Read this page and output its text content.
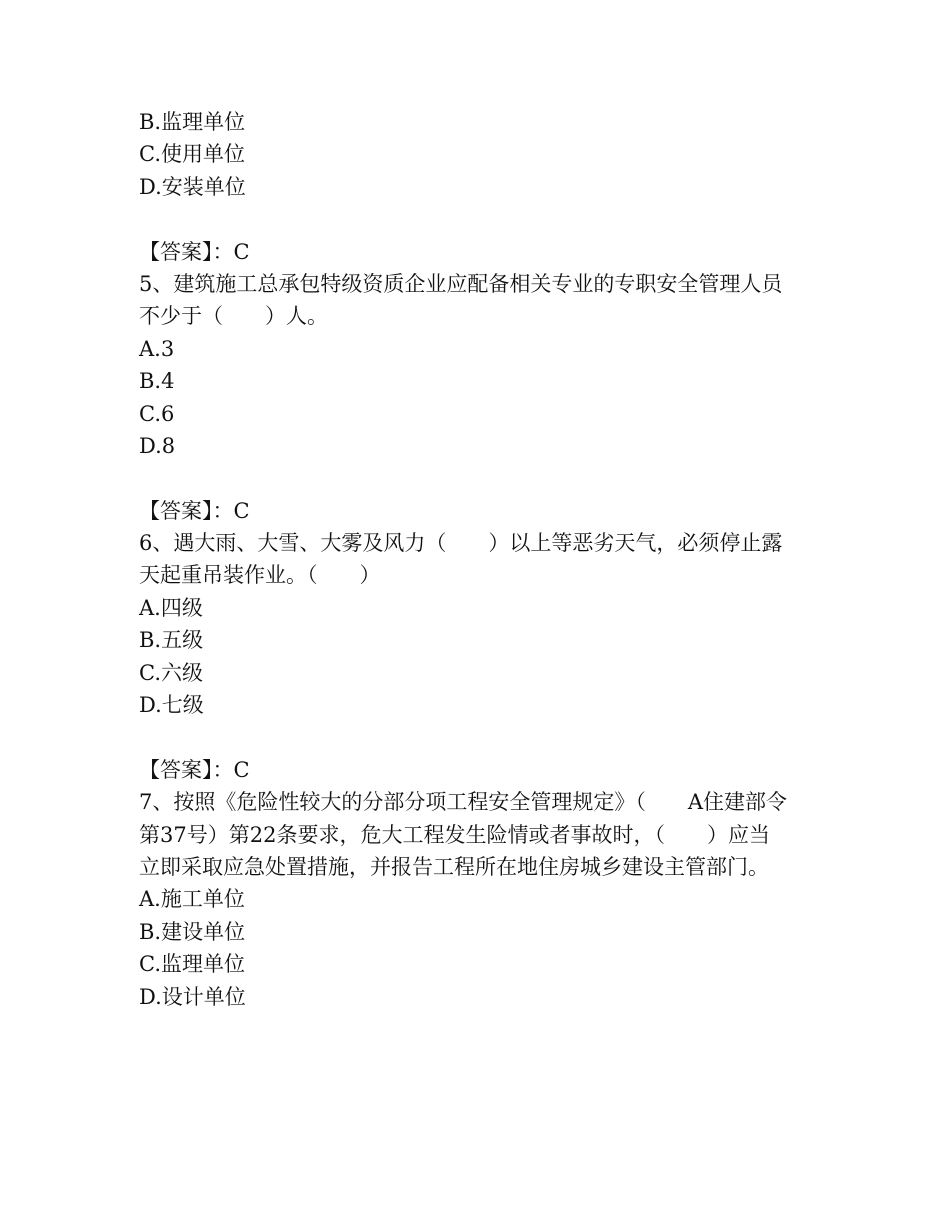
B.监理单位
C.使用单位
D.安装单位
【答案】：C
5、建筑施工总承包特级资质企业应配备相关专业的专职安全管理人员
不少于（　　）人。
A.3
B.4
C.6
D.8
【答案】：C
6、遇大雨、大雪、大雾及风力（　　）以上等恶劣天气，必须停止露
天起重吊装作业。（　　）
A.四级
B.五级
C.六级
D.七级
【答案】：C
7、按照《危险性较大的分部分项工程安全管理规定》（　　A住建部令
第37号）第22条要求，危大工程发生险情或者事故时，（　　）应当
立即采取应急处置措施，并报告工程所在地住房城乡建设主管部门。
A.施工单位
B.建设单位
C.监理单位
D.设计单位
